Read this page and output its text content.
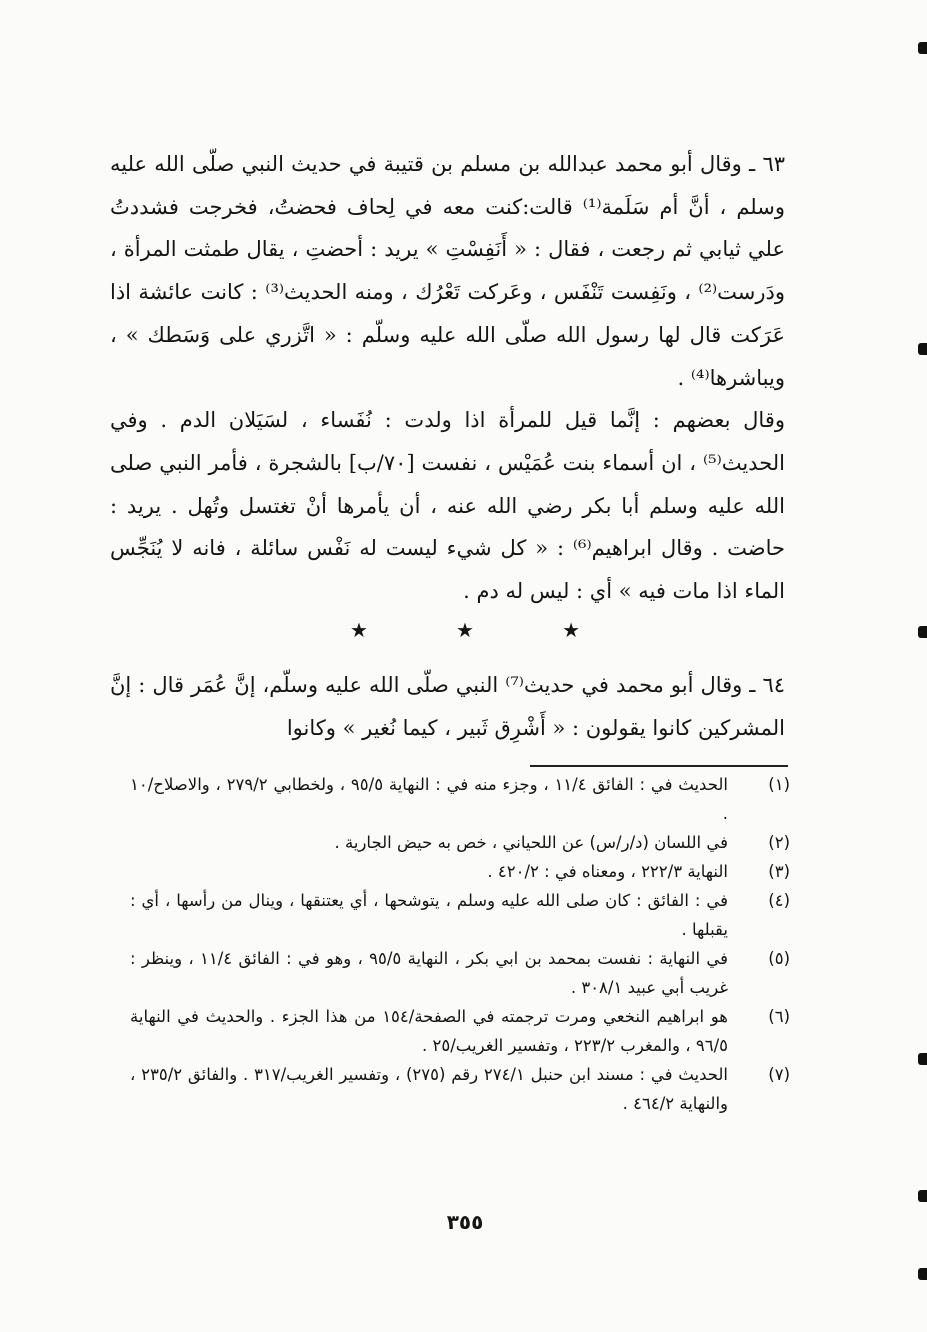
٦٣ ـ وقال أبو محمد عبدالله بن مسلم بن قتيبة في حديث النبي صلّى الله عليه وسلم ، أنَّ أم سَلَمة⁽¹⁾ قالت:كنت معه في لِحاف فحضتُ، فخرجت فشددتُ علي ثيابي ثم رجعت ، فقال : « أَنَفِسْتِ » يريد : أحضتِ ، يقال طمثت المرأة ، ودَرست⁽²⁾ ، ونَفِست تَنْفَس ، وعَركت تَعْرُك ، ومنه الحديث⁽³⁾ : كانت عائشة اذا عَرَكت قال لها رسول الله صلّى الله عليه وسلّم : « اتَّزري على وَسَطك » ، ويباشرها⁽⁴⁾ .

وقال بعضهم : إنَّما قيل للمرأة اذا ولدت : نُفَساء ، لسَيَلان الدم . وفي الحديث⁽⁵⁾ ، ان أسماء بنت عُمَيْس ، نفست [٧٠/ب] بالشجرة ، فأمر النبي صلى الله عليه وسلم أبا بكر رضي الله عنه ، أن يأمرها أنْ تغتسل وتُهل . يريد : حاضت . وقال ابراهيم⁽⁶⁾ : « كل شيء ليست له نَفْس سائلة ، فانه لا يُنَجِّس الماء اذا مات فيه » أي : ليس له دم .

★	★	★

٦٤ ـ وقال أبو محمد في حديث⁽⁷⁾ النبي صلّى الله عليه وسلّم، إنَّ عُمَر قال : إنَّ المشركين كانوا يقولون : « أَشْرِق ثَبير ، كيما نُغير » وكانوا

(١)
الحديث في : الفائق ١١/٤ ، وجزء منه في : النهاية ٩٥/٥ ، ولخطابي ٢٧٩/٢ ، والاصلاح/١٠ .
(٢)
في اللسان (د/ر/س) عن اللحياني ، خص به حيض الجارية .
(٣)
النهاية ٢٢٢/٣ ، ومعناه في : ٤٢٠/٢ .
(٤)
في : الفائق : كان صلى الله عليه وسلم ، يتوشحها ، أي يعتنقها ، وينال من رأسها ، أي : يقبلها .
(٥)
في النهاية : نفست بمحمد بن ابي بكر ، النهاية ٩٥/٥ ، وهو في : الفائق ١١/٤ ، وينظر : غريب أبي عبيد ٣٠٨/١ .
(٦)
هو ابراهيم النخعي ومرت ترجمته في الصفحة/١٥٤ من هذا الجزء . والحديث في النهاية ٩٦/٥ ، والمغرب ٢٢٣/٢ ، وتفسير الغريب/٢٥ .
(٧)
الحديث في : مسند ابن حنبل ٢٧٤/١ رقم (٢٧٥) ، وتفسير الغريب/٣١٧ . والفائق ٢٣٥/٢ ، والنهاية ٤٦٤/٢ .
٣٥٥
